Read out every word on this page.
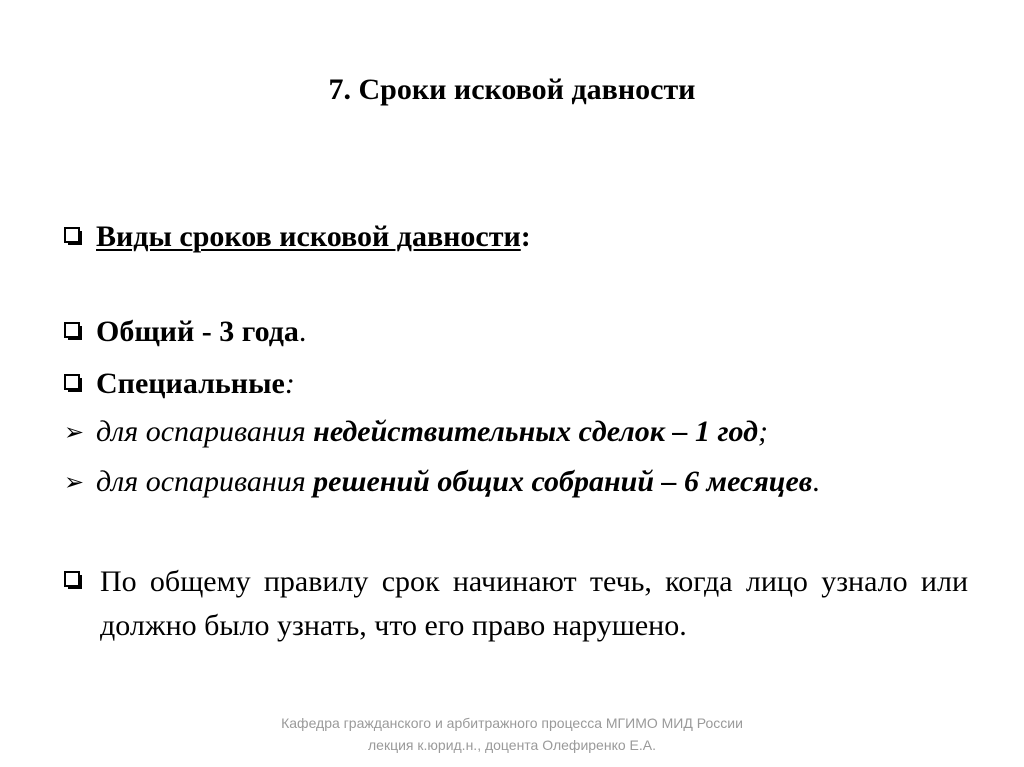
7. Сроки исковой давности
Виды сроков исковой давности:
Общий - 3 года.
Специальные:
➢ для оспаривания недействительных сделок – 1 год;
➢ для оспаривания решений общих собраний – 6 месяцев.
По общему правилу срок начинают течь, когда лицо узнало или должно было узнать, что его право нарушено.
Кафедра гражданского и арбитражного процесса МГИМО МИД России
лекция к.юрид.н., доцента Олефиренко Е.А.
